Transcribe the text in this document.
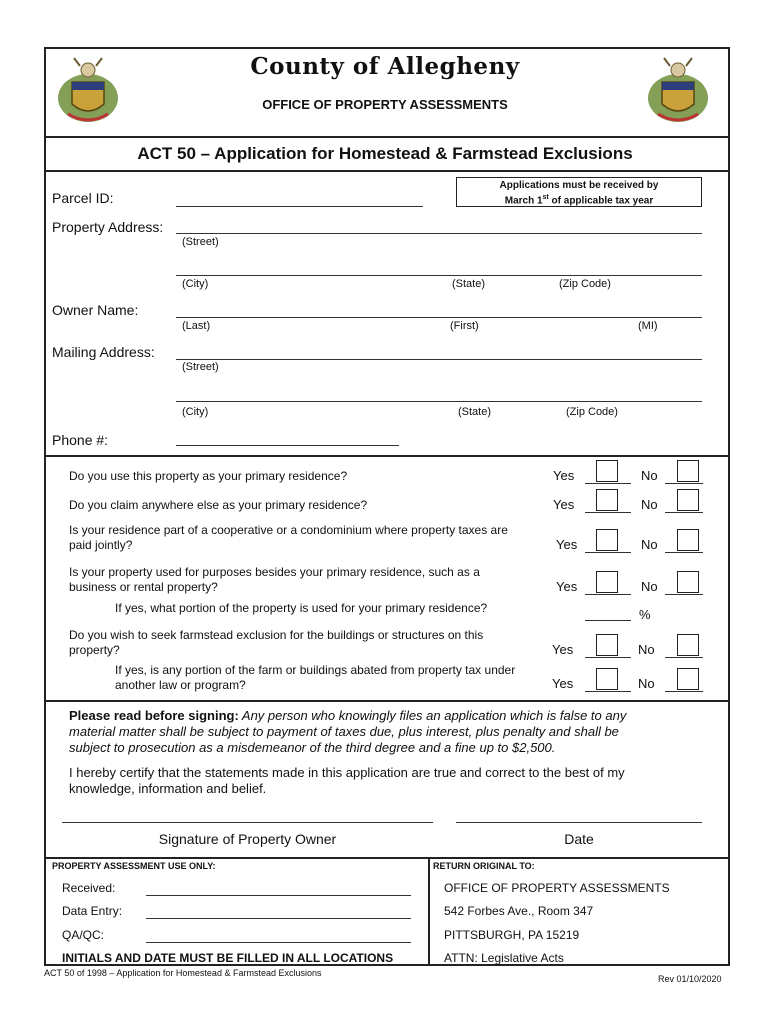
County of Allegheny
OFFICE OF PROPERTY ASSESSMENTS
ACT 50 – Application for Homestead & Farmstead Exclusions
Applications must be received by
March 1st of applicable tax year
Parcel ID:
Property Address:
(Street)
(City)	(State)	(Zip Code)
Owner Name:
(Last)	(First)	(MI)
Mailing Address:
(Street)
(City)	(State)	(Zip Code)
Phone #:
Do you use this property as your primary residence?	Yes	No
Do you claim anywhere else as your primary residence?	Yes	No
Is your residence part of a cooperative or a condominium where property taxes are
paid jointly?	Yes	No
Is your property used for purposes besides your primary residence, such as a
business or rental property?	Yes	No
If yes, what portion of the property is used for your primary residence?	%
Do you wish to seek farmstead exclusion for the buildings or structures on this
property?	Yes	No
If yes, is any portion of the farm or buildings abated from property tax under
another law or program?	Yes	No
Please read before signing: Any person who knowingly files an application which is false to any
material matter shall be subject to payment of taxes due, plus interest, plus penalty and shall be
subject to prosecution as a misdemeanor of the third degree and a fine up to $2,500.
I hereby certify that the statements made in this application are true and correct to the best of my
knowledge, information and belief.
Signature of Property Owner	Date
PROPERTY ASSESSMENT USE ONLY:
Received:
Data Entry:
QA/QC:
INITIALS AND DATE MUST BE FILLED IN ALL LOCATIONS
RETURN ORIGINAL TO:
OFFICE OF PROPERTY ASSESSMENTS
542 Forbes Ave., Room 347
PITTSBURGH, PA 15219
ATTN: Legislative Acts
ACT 50 of 1998 – Application for Homestead & Farmstead Exclusions
Rev 01/10/2020
